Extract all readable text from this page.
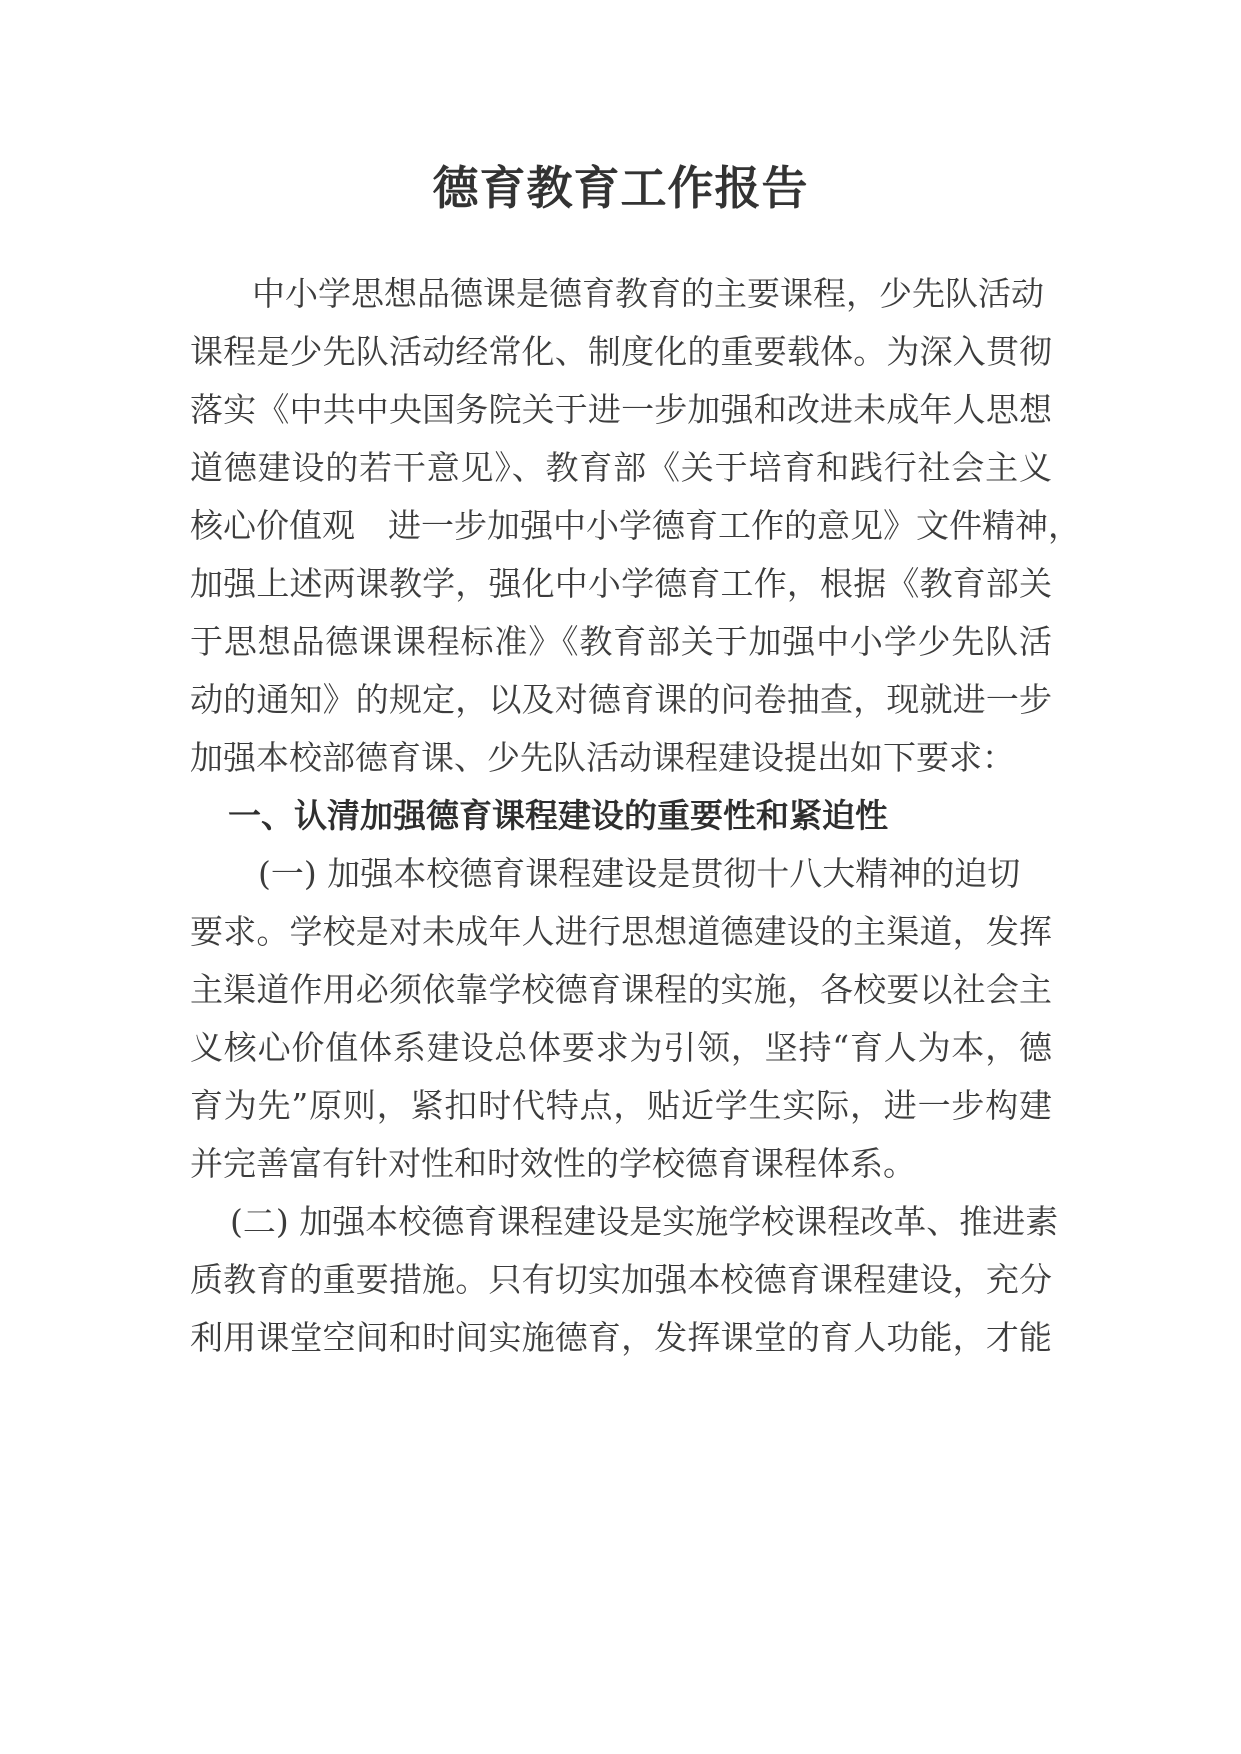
德育教育工作报告
中小学思想品德课是德育教育的主要课程，少先队活动
课程是少先队活动经常化、制度化的重要载体。为深入贯彻
落实《中共中央国务院关于进一步加强和改进未成年人思想
道德建设的若干意见》、教育部《关于培育和践行社会主义
核心价值观　进一步加强中小学德育工作的意见》文件精神，
加强上述两课教学，强化中小学德育工作，根据《教育部关
于思想品德课课程标准》《教育部关于加强中小学少先队活
动的通知》的规定，以及对德育课的问卷抽查，现就进一步
加强本校部德育课、少先队活动课程建设提出如下要求：
一、认清加强德育课程建设的重要性和紧迫性
(一) 加强本校德育课程建设是贯彻十八大精神的迫切
要求。学校是对未成年人进行思想道德建设的主渠道，发挥
主渠道作用必须依靠学校德育课程的实施，各校要以社会主
义核心价值体系建设总体要求为引领，坚持“育人为本，德
育为先”原则，紧扣时代特点，贴近学生实际，进一步构建
并完善富有针对性和时效性的学校德育课程体系。
(二) 加强本校德育课程建设是实施学校课程改革、推进素
质教育的重要措施。只有切实加强本校德育课程建设，充分
利用课堂空间和时间实施德育，发挥课堂的育人功能，才能
